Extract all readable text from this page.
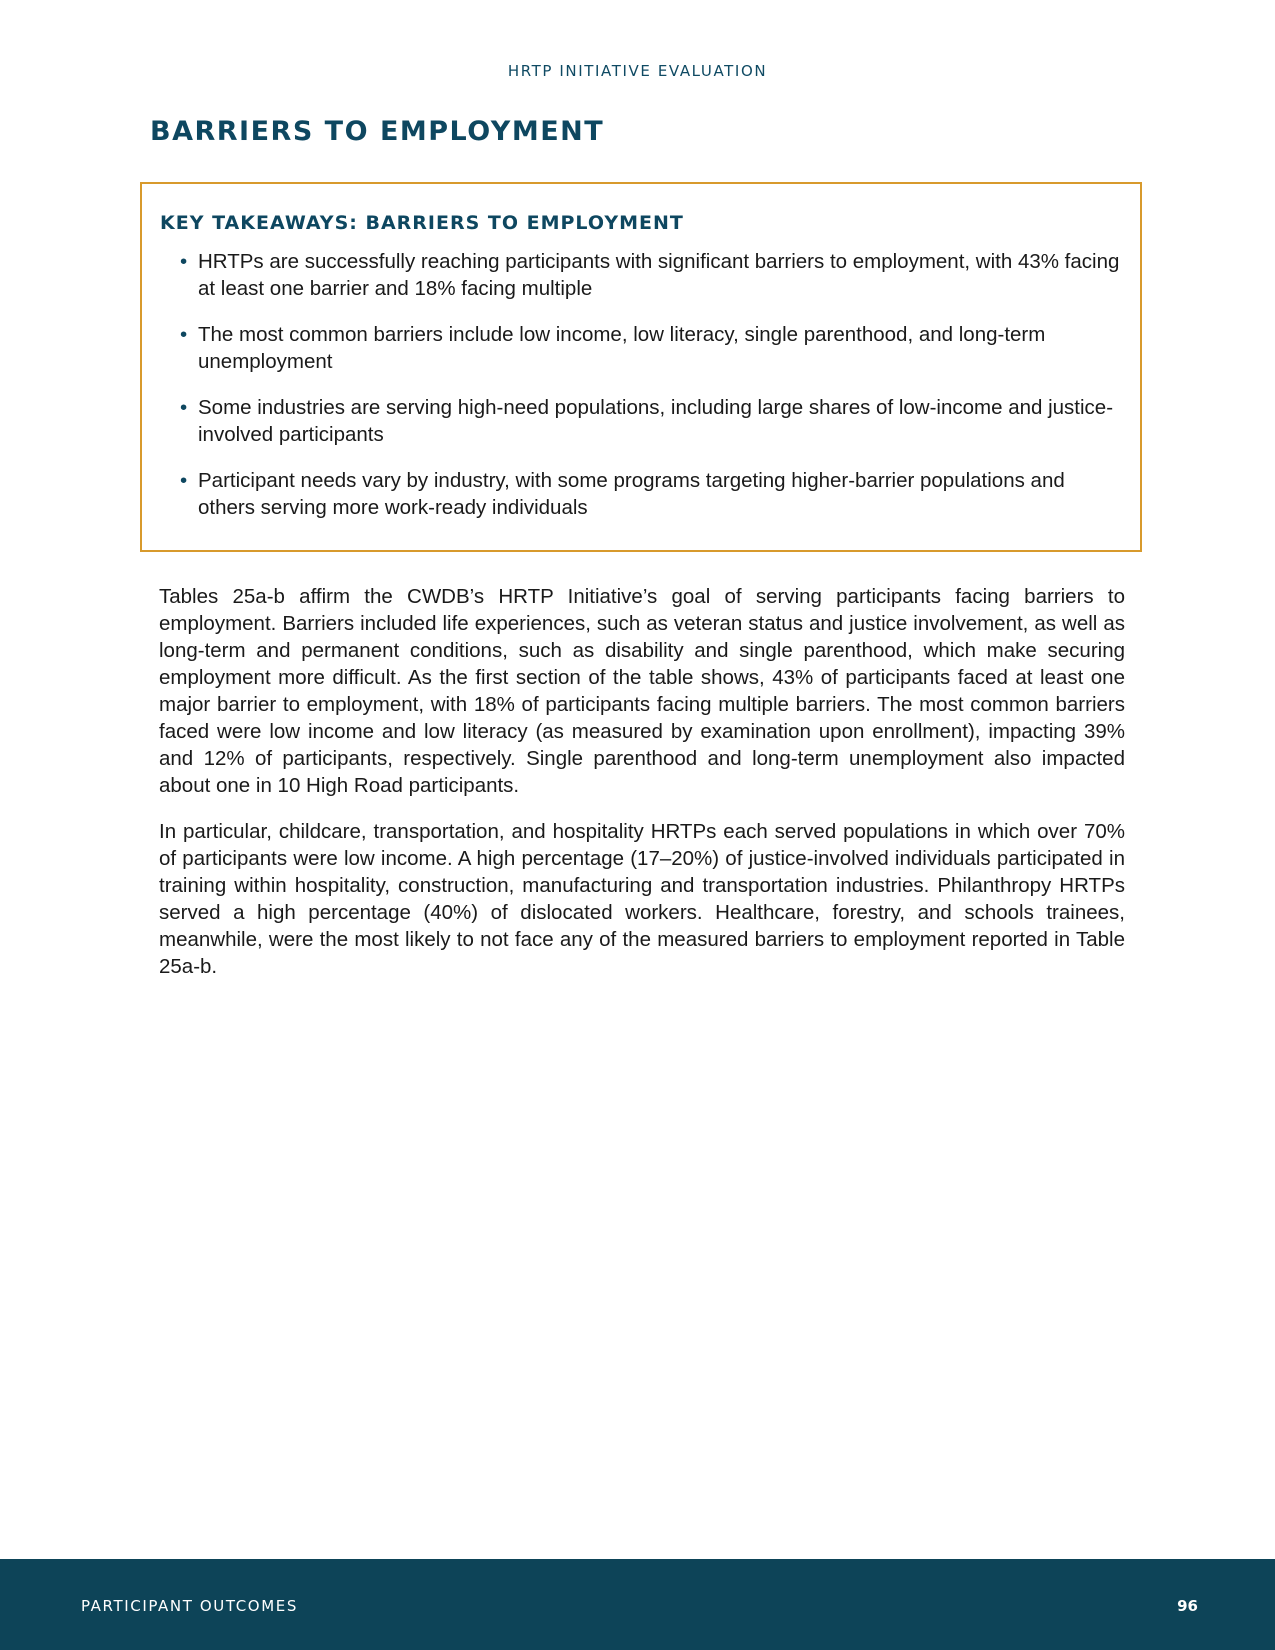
HRTP INITIATIVE EVALUATION
BARRIERS TO EMPLOYMENT
KEY TAKEAWAYS: BARRIERS TO EMPLOYMENT
• HRTPs are successfully reaching participants with significant barriers to employment, with 43% facing at least one barrier and 18% facing multiple
• The most common barriers include low income, low literacy, single parenthood, and long-term unemployment
• Some industries are serving high-need populations, including large shares of low-income and justice-involved participants
• Participant needs vary by industry, with some programs targeting higher-barrier populations and others serving more work-ready individuals

Tables 25a-b affirm the CWDB’s HRTP Initiative’s goal of serving participants facing barriers to employment. Barriers included life experiences, such as veteran status and justice involvement, as well as long-term and permanent conditions, such as disability and single parenthood, which make securing employment more difficult. As the first section of the table shows, 43% of participants faced at least one major barrier to employment, with 18% of participants facing multiple barriers. The most common barriers faced were low income and low literacy (as measured by examination upon enrollment), impacting 39% and 12% of participants, respectively. Single parenthood and long-term unemployment also impacted about one in 10 High Road participants.

In particular, childcare, transportation, and hospitality HRTPs each served populations in which over 70% of participants were low income. A high percentage (17–20%) of justice-involved individuals participated in training within hospitality, construction, manufacturing and transportation industries. Philanthropy HRTPs served a high percentage (40%) of dislocated workers. Healthcare, forestry, and schools trainees, meanwhile, were the most likely to not face any of the measured barriers to employment reported in Table 25a-b.

PARTICIPANT OUTCOMES	96
